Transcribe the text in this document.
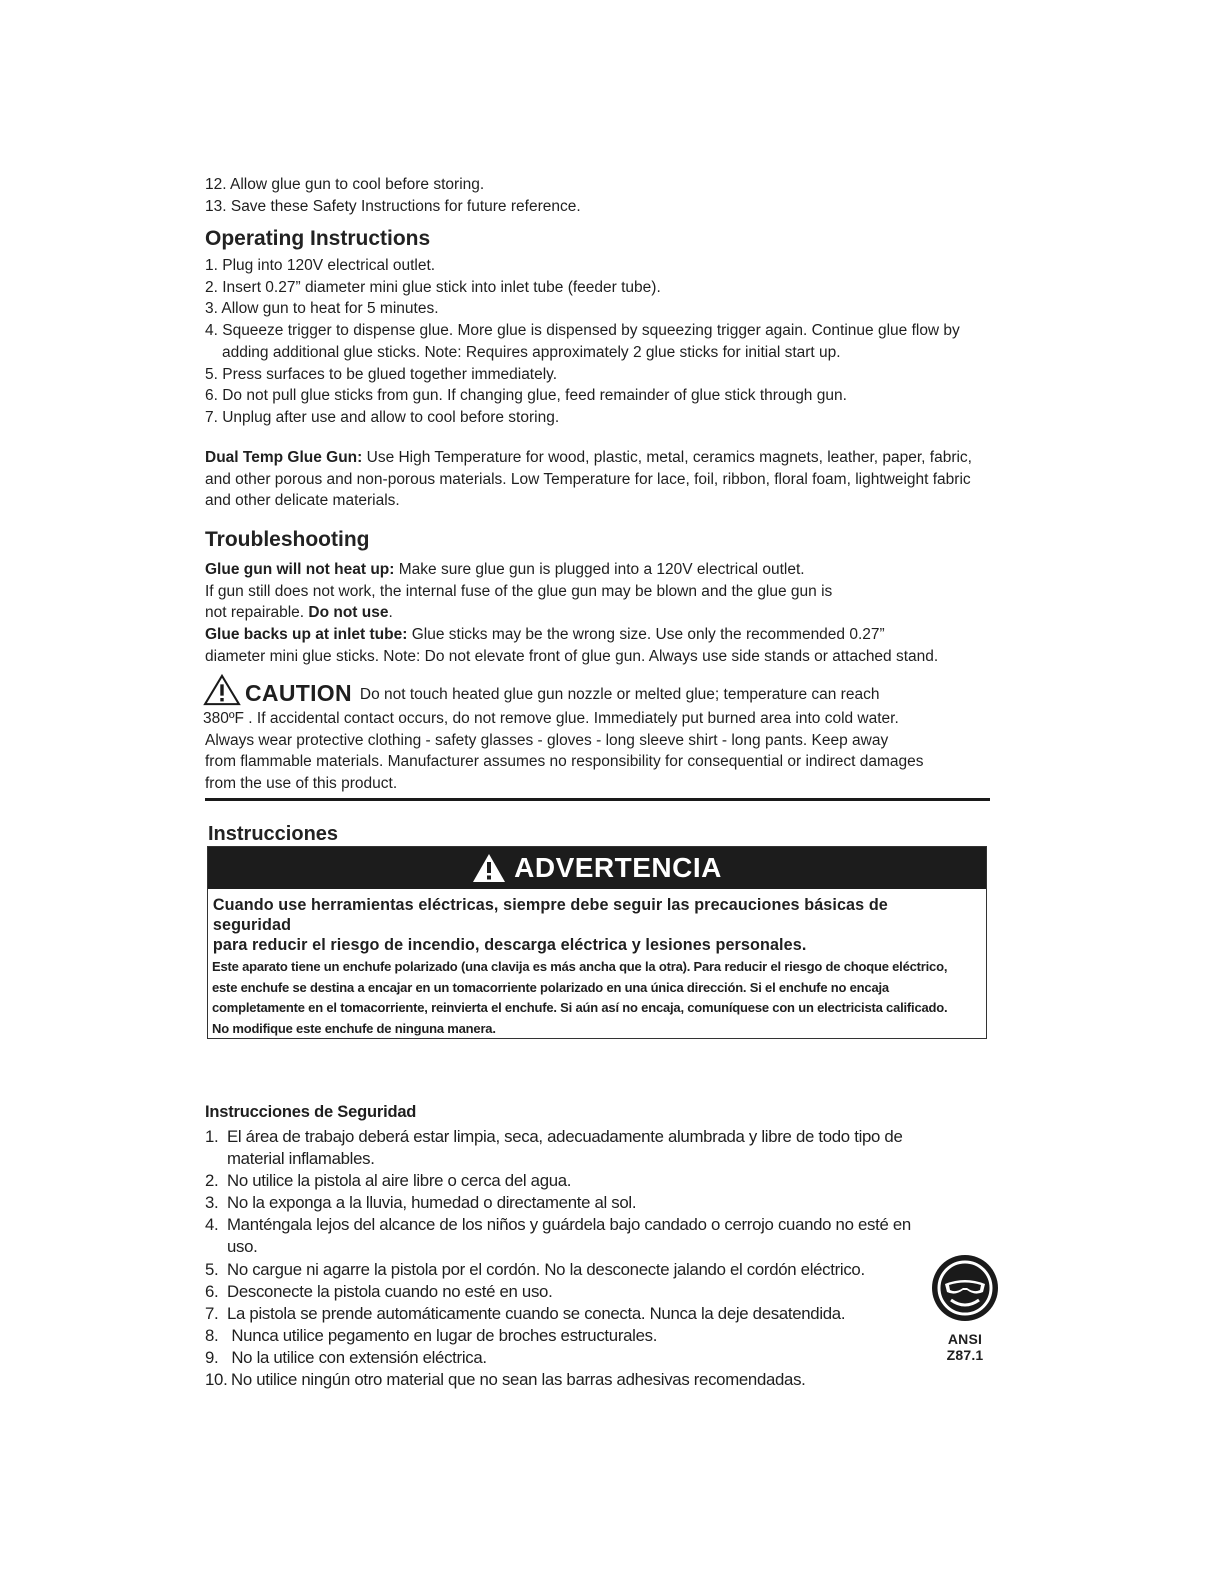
12. Allow glue gun to cool before storing.
13. Save these Safety Instructions for future reference.
Operating Instructions
1. Plug into 120V electrical outlet.
2. Insert 0.27” diameter mini glue stick into inlet tube (feeder tube).
3. Allow gun to heat for 5 minutes.
4. Squeeze trigger to dispense glue. More glue is dispensed by squeezing trigger again. Continue glue flow by
adding additional glue sticks. Note: Requires approximately 2 glue sticks for initial start up.
5. Press surfaces to be glued together immediately.
6. Do not pull glue sticks from gun. If changing glue, feed remainder of glue stick through gun.
7. Unplug after use and allow to cool before storing.
Dual Temp Glue Gun: Use High Temperature for wood, plastic, metal, ceramics magnets, leather, paper, fabric,
and other porous and non-porous materials. Low Temperature for lace, foil, ribbon, floral foam, lightweight fabric
and other delicate materials.
Troubleshooting
Glue gun will not heat up: Make sure glue gun is plugged into a 120V electrical outlet.
If gun still does not work, the internal fuse of the glue gun may be blown and the glue gun is
not repairable. Do not use.
Glue backs up at inlet tube: Glue sticks may be the wrong size. Use only the recommended 0.27”
diameter mini glue sticks. Note: Do not elevate front of glue gun. Always use side stands or attached stand.
CAUTION Do not touch heated glue gun nozzle or melted glue; temperature can reach
380ºF . If accidental contact occurs, do not remove glue. Immediately put burned area into cold water.
Always wear protective clothing - safety glasses - gloves - long sleeve shirt - long pants. Keep away
from flammable materials. Manufacturer assumes no responsibility for consequential or indirect damages
from the use of this product.
Instrucciones
ADVERTENCIA
Cuando use herramientas eléctricas, siempre debe seguir las precauciones básicas de seguridad
para reducir el riesgo de incendio, descarga eléctrica y lesiones personales.
Este aparato tiene un enchufe polarizado (una clavija es más ancha que la otra). Para reducir el riesgo de choque eléctrico,
este enchufe se destina a encajar en un tomacorriente polarizado en una única dirección. Si el enchufe no encaja
completamente en el tomacorriente, reinvierta el enchufe. Si aún así no encaja, comuníquese con un electricista calificado.
No modifique este enchufe de ninguna manera.
Instrucciones de Seguridad
1. El área de trabajo deberá estar limpia, seca, adecuadamente alumbrada y libre de todo tipo de
material inflamables.
2. No utilice la pistola al aire libre o cerca del agua.
3. No la exponga a la lluvia, humedad o directamente al sol.
4. Manténgala lejos del alcance de los niños y guárdela bajo candado o cerrojo cuando no esté en
uso.
5. No cargue ni agarre la pistola por el cordón. No la desconecte jalando el cordón eléctrico.
6. Desconecte la pistola cuando no esté en uso.
7. La pistola se prende automáticamente cuando se conecta. Nunca la deje desatendida.
8. Nunca utilice pegamento en lugar de broches estructurales.
9. No la utilice con extensión eléctrica.
10. No utilice ningún otro material que no sean las barras adhesivas recomendadas.
ANSI Z87.1
